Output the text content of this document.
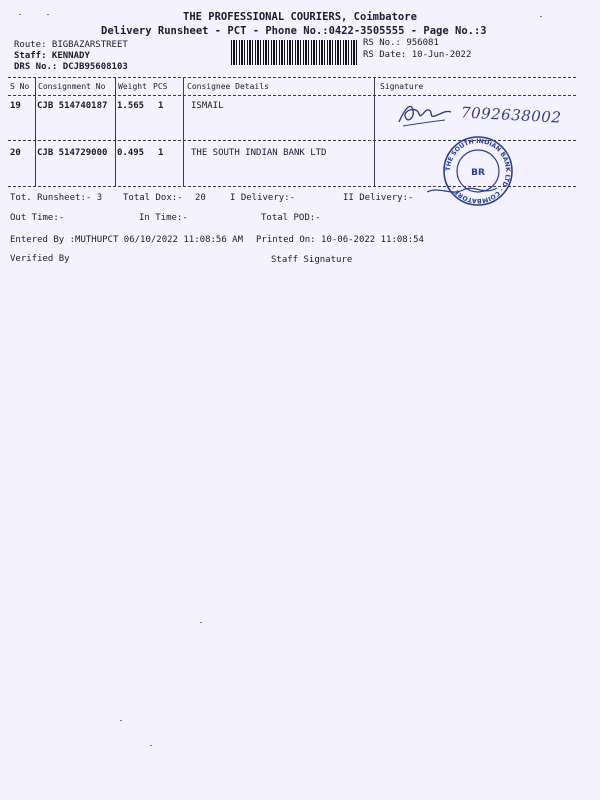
THE PROFESSIONAL COURIERS, Coimbatore
Delivery Runsheet - PCT - Phone No.:0422-3505555 - Page No.:3
Route: BIGBAZARSTREET
Staff: KENNADY
DRS No.: DCJB95608103
RS No.: 956081
RS Date: 10-Jun-2022
S No Consignment No Weight PCS Consignee Details	Signature
19 CJB 514740187 1.565 1	ISMAIL
20 CJB 514729000 0.495 1	THE SOUTH INDIAN BANK LTD
7092638002
THE SOUTH INDIAN BANK LTD · COIMBATORE ·
BR
Tot. Runsheet:- 3 Total Dox:- 20	I Delivery:-	II Delivery:-
Out Time:-	In Time:-	Total POD:-
Entered By :MUTHUPCT 06/10/2022 11:08:56 AM Printed On: 10-06-2022 11:08:54
Verified By	Staff Signature
